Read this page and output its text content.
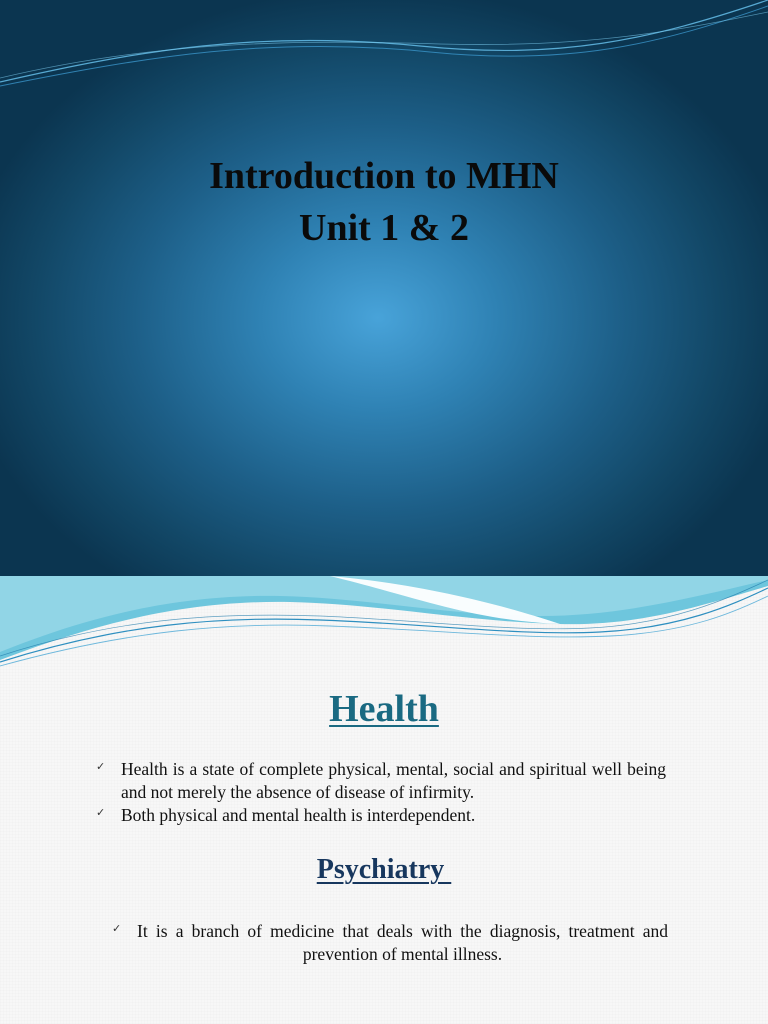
Introduction to MHN
Unit 1 & 2
Health
✓ Health is a state of complete physical, mental, social and spiritual well being and not merely the absence of disease of infirmity.
✓ Both physical and mental health is interdependent.
Psychiatry
✓ It is a branch of medicine that deals with the diagnosis, treatment and prevention of mental illness.
